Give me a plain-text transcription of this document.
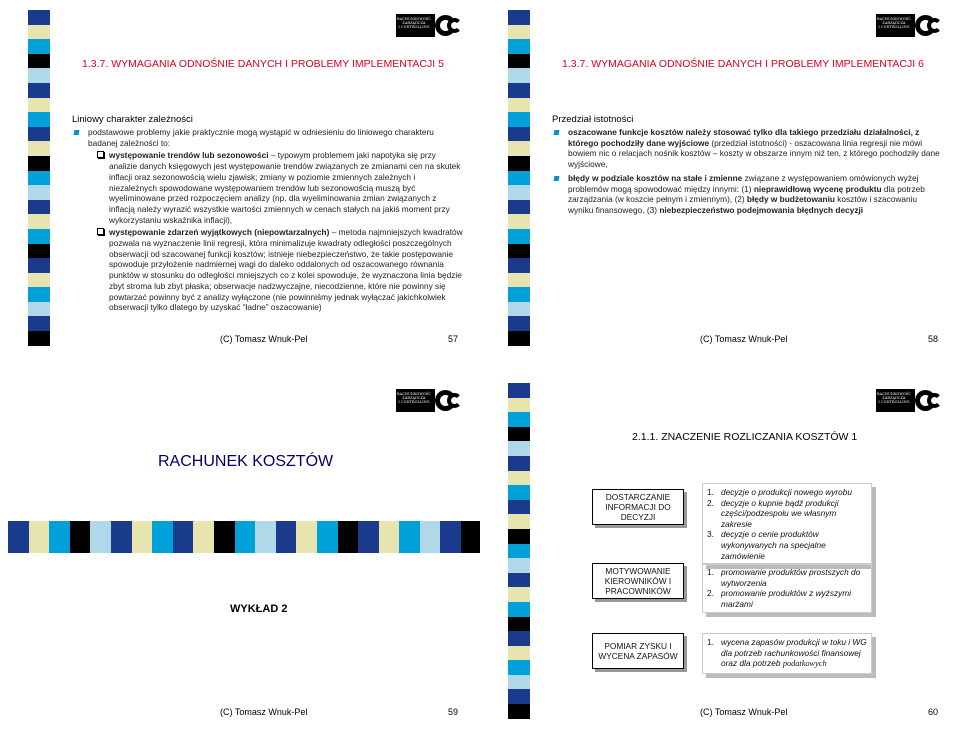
RACHUNKOWOŚĆ
ZARZĄDCZA
I CONTROLLING
1.3.7. WYMAGANIA ODNOŚNIE DANYCH I PROBLEMY IMPLEMENTACJI 5
Liniowy charakter zależności
podstawowe problemy jakie praktycznie mogą wystąpić w odniesieniu do liniowego charakteru badanej zależności to:
występowanie trendów lub sezonowości – typowym problemem jaki napotyka się przy analizie danych księgowych jest występowanie trendów związanych ze zmianami cen na skutek inflacji oraz sezonowością wielu zjawisk; zmiany w poziomie zmiennych zależnych i niezależnych spowodowane występowaniem trendów lub sezonowością muszą być wyeliminowane przed rozpoczęciem analizy (np. dla wyeliminowania zmian związanych z inflacją należy wyrazić wszystkie wartości zmiennych w cenach stałych na jakiś moment przy wykorzystaniu wskaźnika inflacji),
występowanie zdarzeń wyjątkowych (niepowtarzalnych) – metoda najmniejszych kwadratów pozwala na wyznaczenie linii regresji, która minimalizuje kwadraty odległości poszczególnych obserwacji od szacowanej funkcji kosztów; istnieje niebezpieczeństwo, że takie postępowanie spowoduje przyłożenie nadmiernej wagi do daleko oddalonych od oszacowanego równania punktów w stosunku do odległości mniejszych co z kolei spowoduje, że wyznaczona linia będzie zbyt stroma lub zbyt płaska; obserwacje nadzwyczajne, niecodzienne, które nie powinny się powtarzać powinny być z analizy wyłączone (nie powinniśmy jednak wyłączać jakichkolwiek obserwacji tylko dlatego by uzyskać “ładne” oszacowanie)
(C) Tomasz Wnuk-Pel	57
RACHUNKOWOŚĆ
ZARZĄDCZA
I CONTROLLING
1.3.7. WYMAGANIA ODNOŚNIE DANYCH I PROBLEMY IMPLEMENTACJI 6
Przedział istotności
oszacowane funkcje kosztów należy stosować tylko dla takiego przedziału działalności, z którego pochodziły dane wyjściowe (przedział istotności) - oszacowana linia regresji nie mówi bowiem nic o relacjach nośnik kosztów – koszty w obszarze innym niż ten, z którego pochodziły dane wyjściowe,
błędy w podziale kosztów na stałe i zmienne związane z występowaniem omówionych wyżej problemów mogą spowodować między innymi: (1) nieprawidłową wycenę produktu dla potrzeb zarządzania (w koszcie pełnym i zmiennym), (2) błędy w budżetowaniu kosztów i szacowaniu wyniku finansowego, (3) niebezpieczeństwo podejmowania błędnych decyzji
(C) Tomasz Wnuk-Pel	58
RACHUNKOWOŚĆ
ZARZĄDCZA
I CONTROLLING
RACHUNEK KOSZTÓW
WYKŁAD 2
(C) Tomasz Wnuk-Pel	59
RACHUNKOWOŚĆ
ZARZĄDCZA
I CONTROLLING
2.1.1. ZNACZENIE ROZLICZANIA KOSZTÓW 1
DOSTARCZANIE INFORMACJI DO DECYZJI
1. decyzje o produkcji nowego wyrobu
2. decyzje o kupnie bądź produkcji części/podzespołu we własnym zakresie
3. decyzje o cenie produktów wykonywanych na specjalne zamówienie
MOTYWOWANIE KIEROWNIKÓW I PRACOWNIKÓW
1. promowanie produktów prostszych do wytworzenia
2. promowanie produktów z wyższymi marżami
POMIAR ZYSKU I WYCENA ZAPASÓW
1. wycena zapasów produkcji w toku i WG dla potrzeb rachunkowości finansowej oraz dla potrzeb podatkowych
(C) Tomasz Wnuk-Pel	60
